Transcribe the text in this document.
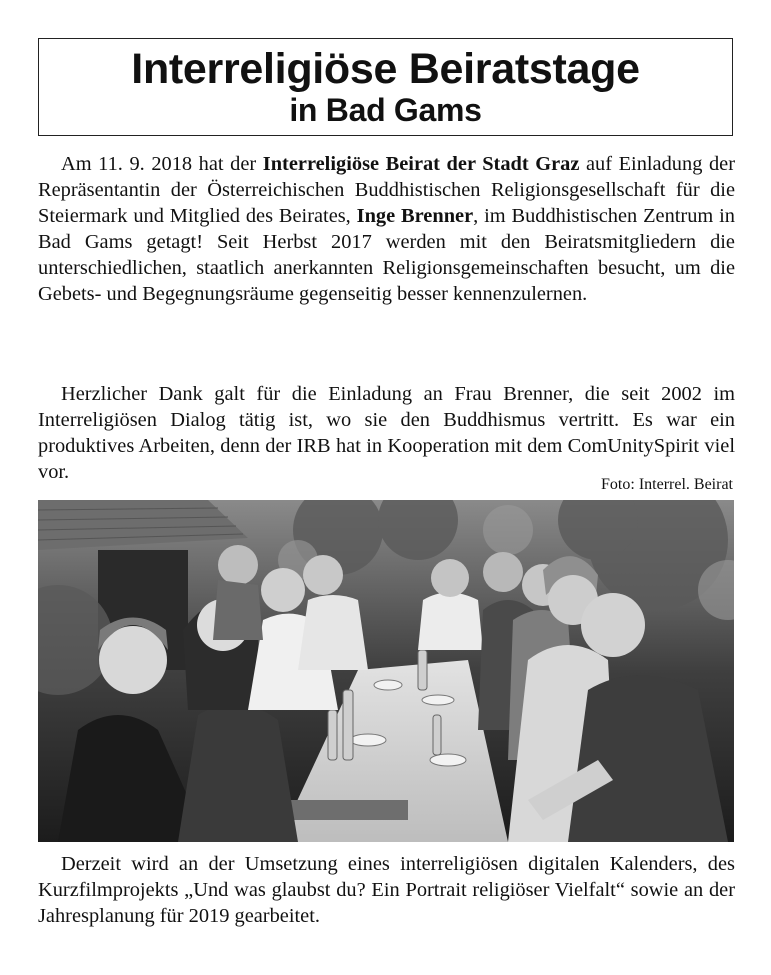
Interreligiöse Beiratstage
in Bad Gams
Am 11. 9. 2018 hat der Interreligiöse Beirat der Stadt Graz auf Einladung der Repräsentantin der Österreichischen Buddhistischen Religionsgesellschaft für die Steiermark und Mitglied des Beirates, Inge Brenner, im Buddhistischen Zentrum in Bad Gams getagt! Seit Herbst 2017 werden mit den Beiratsmitgliedern die unterschiedlichen, staatlich anerkannten Religionsgemeinschaften besucht, um die Gebets- und Begegnungsräume gegenseitig besser kennenzulernen.
Herzlicher Dank galt für die Einladung an Frau Brenner, die seit 2002 im Interreligiösen Dialog tätig ist, wo sie den Buddhismus vertritt. Es war ein produktives Arbeiten, denn der IRB hat in Kooperation mit dem ComUnitySpirit viel vor.
Foto: Interrel. Beirat
Derzeit wird an der Umsetzung eines interreligiösen digitalen Kalenders, des Kurzfilmprojekts „Und was glaubst du? Ein Portrait religiöser Vielfalt“ sowie an der Jahresplanung für 2019 gearbeitet.
